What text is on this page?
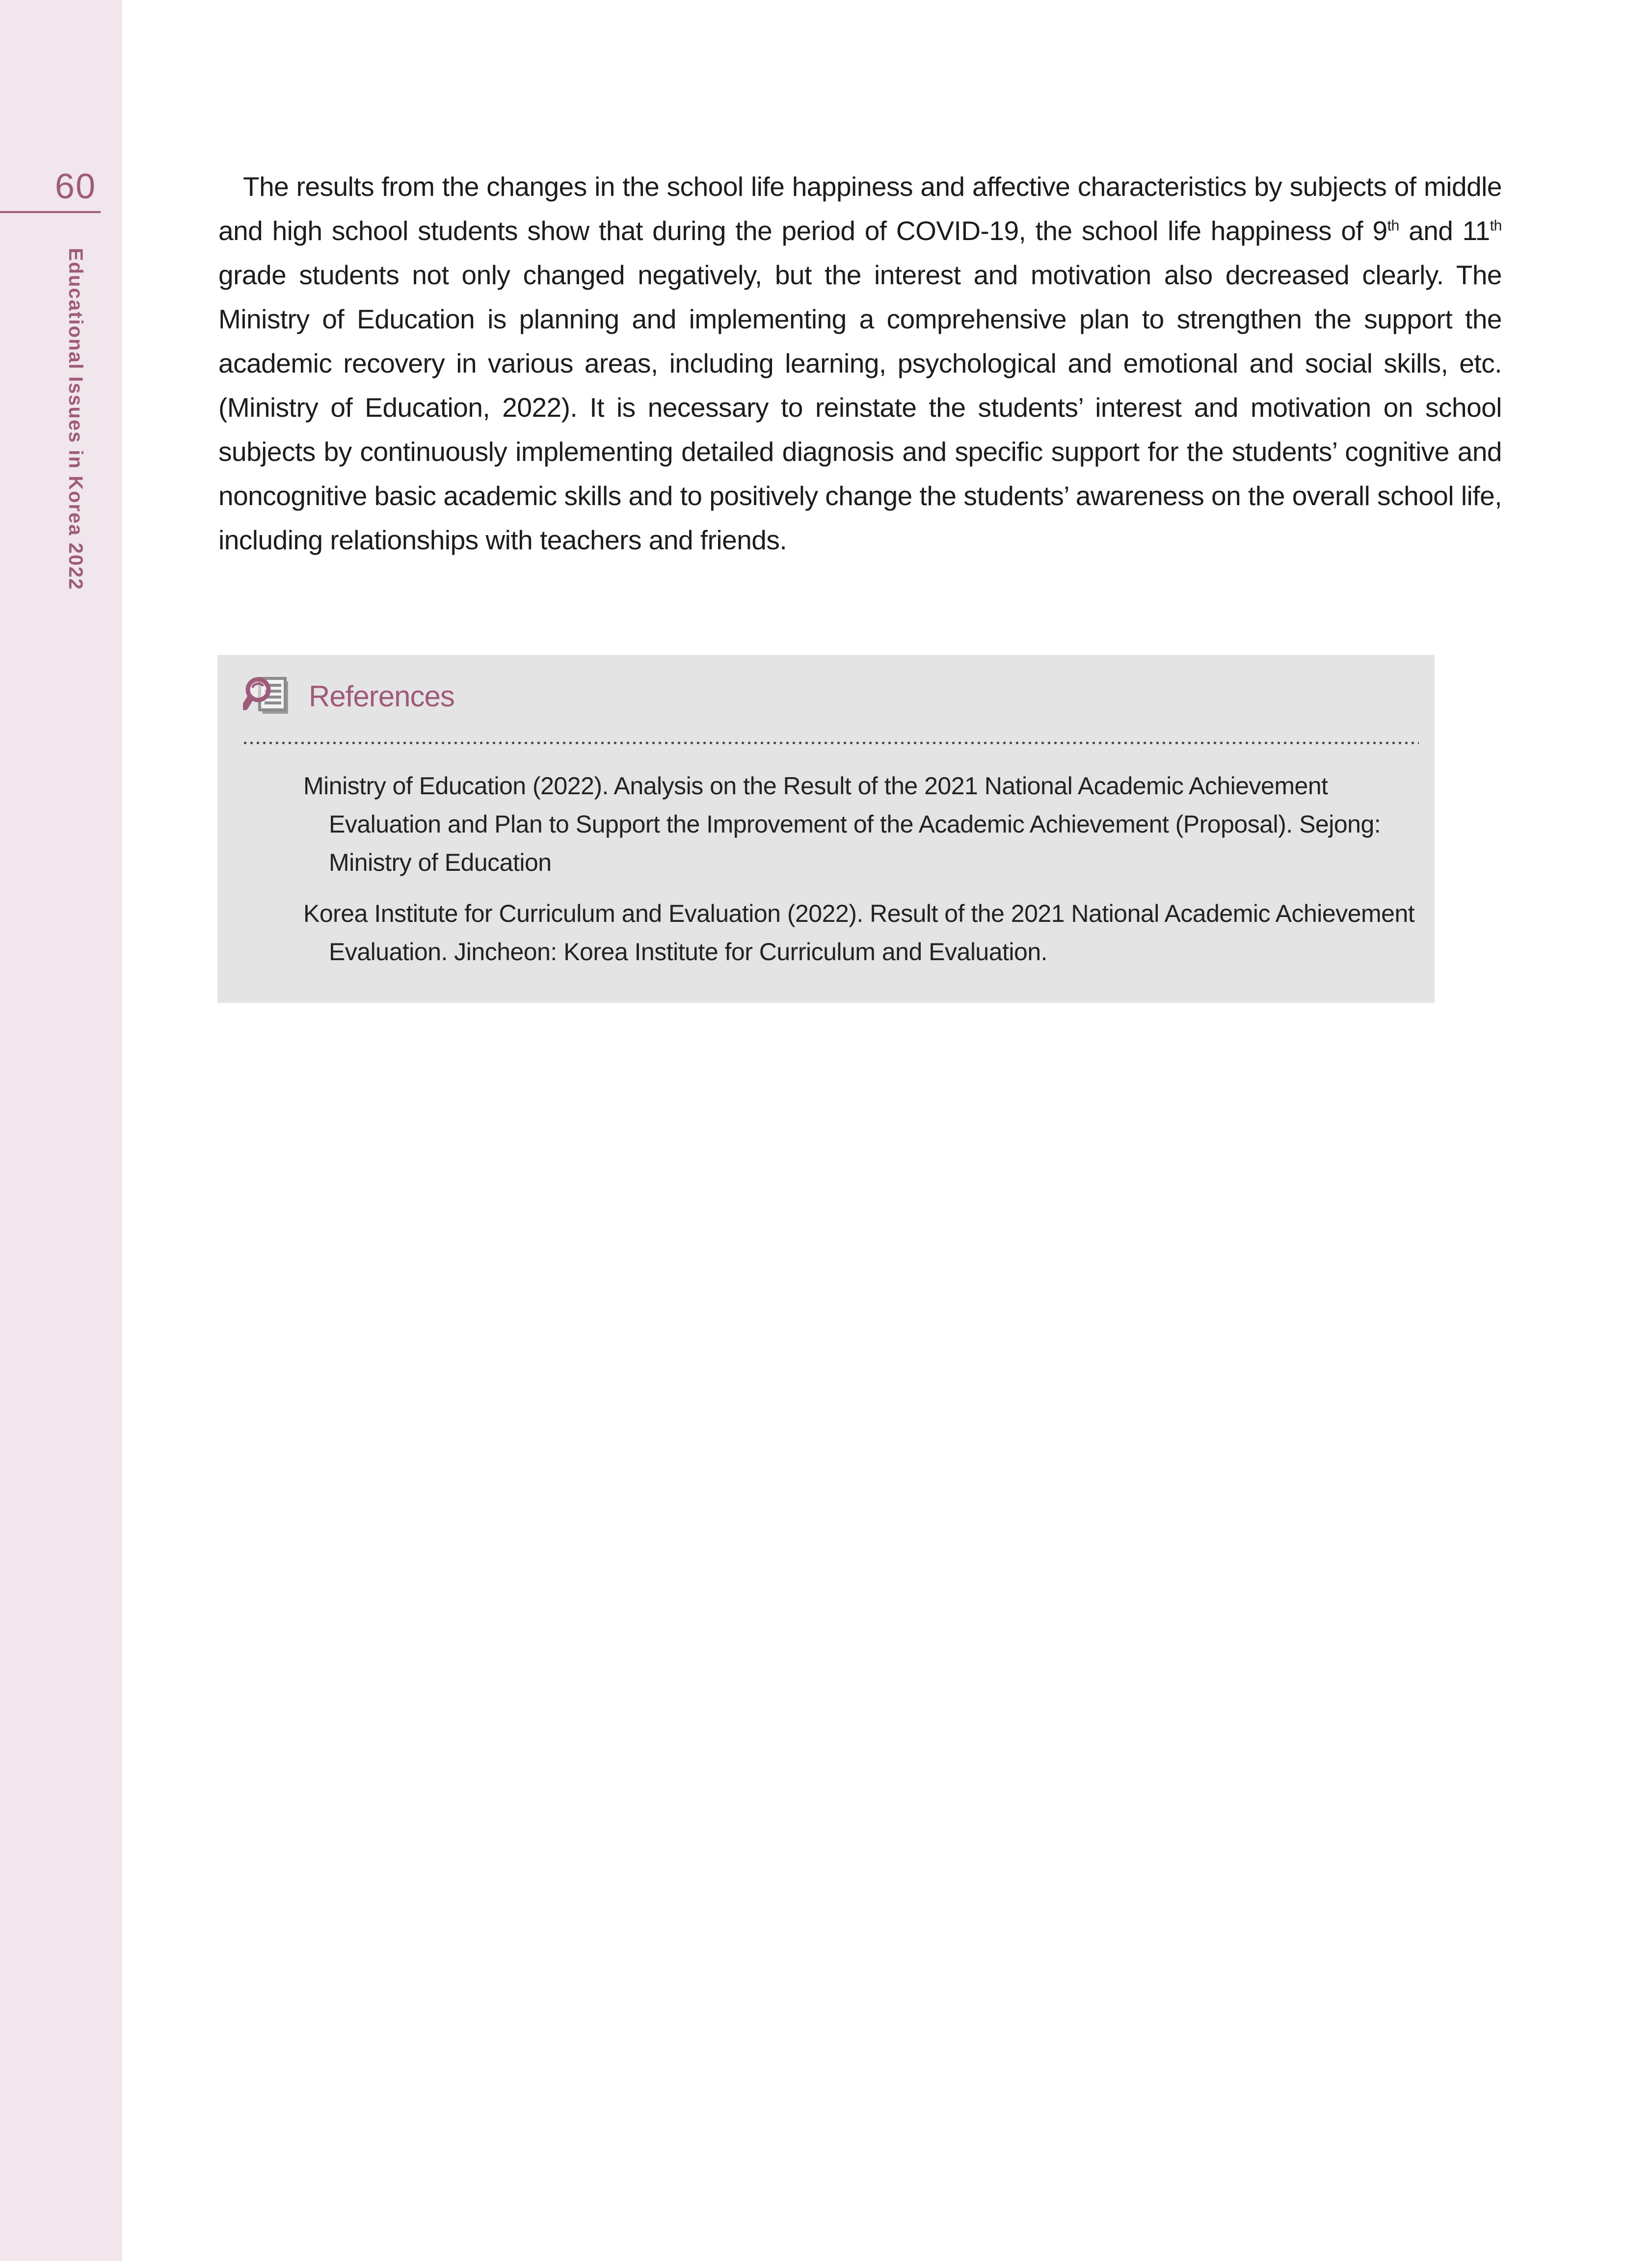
60
Educational Issues in Korea 2022

The results from the changes in the school life happiness and affective characteristics by subjects of middle and high school students show that during the period of COVID-19, the school life happiness of 9th and 11th grade students not only changed negatively, but the interest and motivation also decreased clearly. The Ministry of Education is planning and implementing a comprehensive plan to strengthen the support the academic recovery in various areas, including learning, psychological and emotional and social skills, etc. (Ministry of Education, 2022). It is necessary to reinstate the students’ interest and motivation on school subjects by continuously implementing detailed diagnosis and specific support for the students’ cognitive and noncognitive basic academic skills and to positively change the students’ awareness on the overall school life, including relationships with teachers and friends.

References

Ministry of Education (2022). Analysis on the Result of the 2021 National Academic Achievement Evaluation and Plan to Support the Improvement of the Academic Achievement (Proposal). Sejong: Ministry of Education

Korea Institute for Curriculum and Evaluation (2022). Result of the 2021 National Academic Achievement Evaluation. Jincheon: Korea Institute for Curriculum and Evaluation.
